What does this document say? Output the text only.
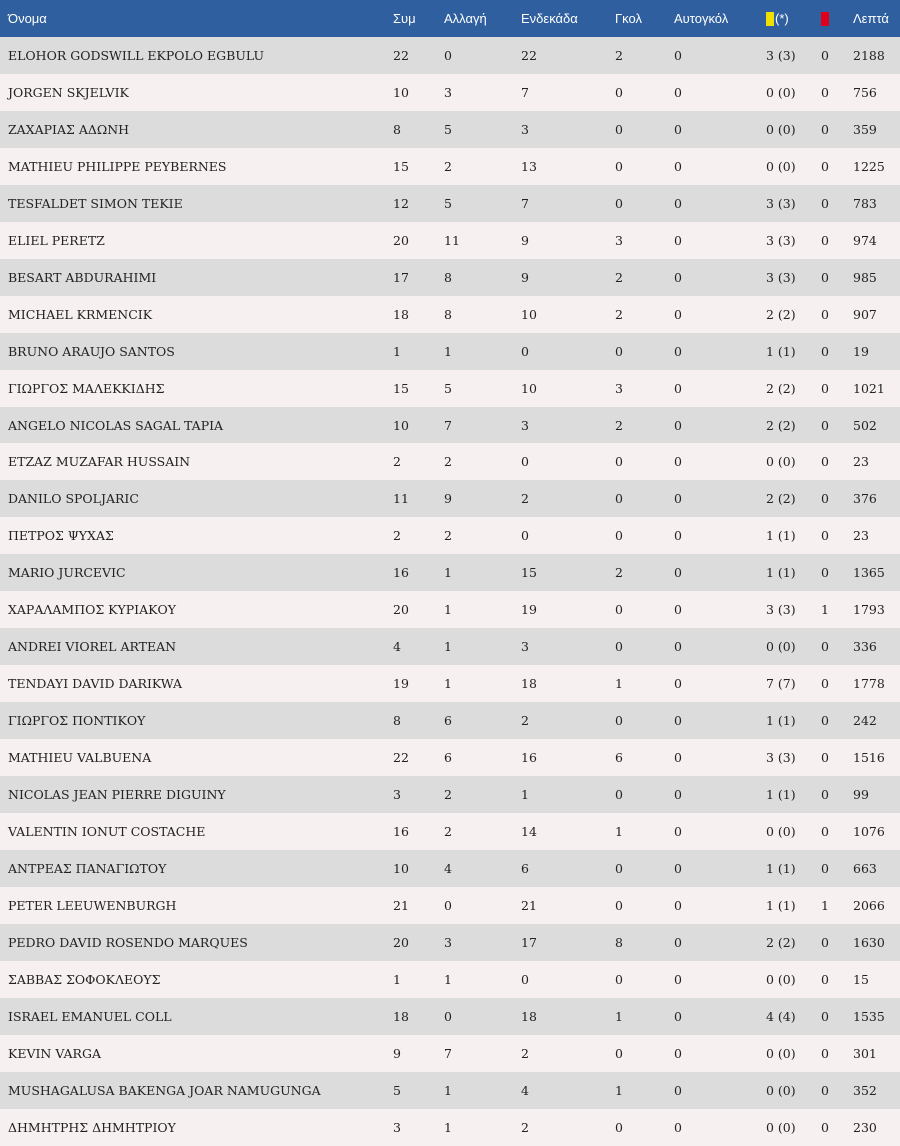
Όνομα	Συμ	Αλλαγή	Ενδεκάδα	Γκολ	Αυτογκόλ	(*)		Λεπτά
ELOHOR GODSWILL EKPOLO EGBULU	22	0	22	2	0	3 (3)	0	2188
JORGEN SKJELVIK	10	3	7	0	0	0 (0)	0	756
ΖΑΧΑΡΙΑΣ ΑΔΩΝΗ	8	5	3	0	0	0 (0)	0	359
MATHIEU PHILIPPE PEYBERNES	15	2	13	0	0	0 (0)	0	1225
TESFALDET SIMON TEKIE	12	5	7	0	0	3 (3)	0	783
ELIEL PERETZ	20	11	9	3	0	3 (3)	0	974
BESART ABDURAHIMI	17	8	9	2	0	3 (3)	0	985
MICHAEL KRMENCIK	18	8	10	2	0	2 (2)	0	907
BRUNO ARAUJO SANTOS	1	1	0	0	0	1 (1)	0	19
ΓΙΩΡΓΟΣ ΜΑΛΕΚΚΙΔΗΣ	15	5	10	3	0	2 (2)	0	1021
ANGELO NICOLAS SAGAL TAPIA	10	7	3	2	0	2 (2)	0	502
ETZAZ MUZAFAR HUSSAIN	2	2	0	0	0	0 (0)	0	23
DANILO SPOLJARIC	11	9	2	0	0	2 (2)	0	376
ΠΕΤΡΟΣ ΨΥΧΑΣ	2	2	0	0	0	1 (1)	0	23
MARIO JURCEVIC	16	1	15	2	0	1 (1)	0	1365
ΧΑΡΑΛΑΜΠΟΣ ΚΥΡΙΑΚΟΥ	20	1	19	0	0	3 (3)	1	1793
ANDREI VIOREL ARTEAN	4	1	3	0	0	0 (0)	0	336
TENDAYI DAVID DARIKWA	19	1	18	1	0	7 (7)	0	1778
ΓΙΩΡΓΟΣ ΠΟΝΤΙΚΟΥ	8	6	2	0	0	1 (1)	0	242
MATHIEU VALBUENA	22	6	16	6	0	3 (3)	0	1516
NICOLAS JEAN PIERRE DIGUINY	3	2	1	0	0	1 (1)	0	99
VALENTIN IONUT COSTACHE	16	2	14	1	0	0 (0)	0	1076
ΑΝΤΡΕΑΣ ΠΑΝΑΓΙΩΤΟΥ	10	4	6	0	0	1 (1)	0	663
PETER LEEUWENBURGH	21	0	21	0	0	1 (1)	1	2066
PEDRO DAVID ROSENDO MARQUES	20	3	17	8	0	2 (2)	0	1630
ΣΑΒΒΑΣ ΣΟΦΟΚΛΕΟΥΣ	1	1	0	0	0	0 (0)	0	15
ISRAEL EMANUEL COLL	18	0	18	1	0	4 (4)	0	1535
KEVIN VARGA	9	7	2	0	0	0 (0)	0	301
MUSHAGALUSA BAKENGA JOAR NAMUGUNGA	5	1	4	1	0	0 (0)	0	352
ΔΗΜΗΤΡΗΣ ΔΗΜΗΤΡΙΟΥ	3	1	2	0	0	0 (0)	0	230
